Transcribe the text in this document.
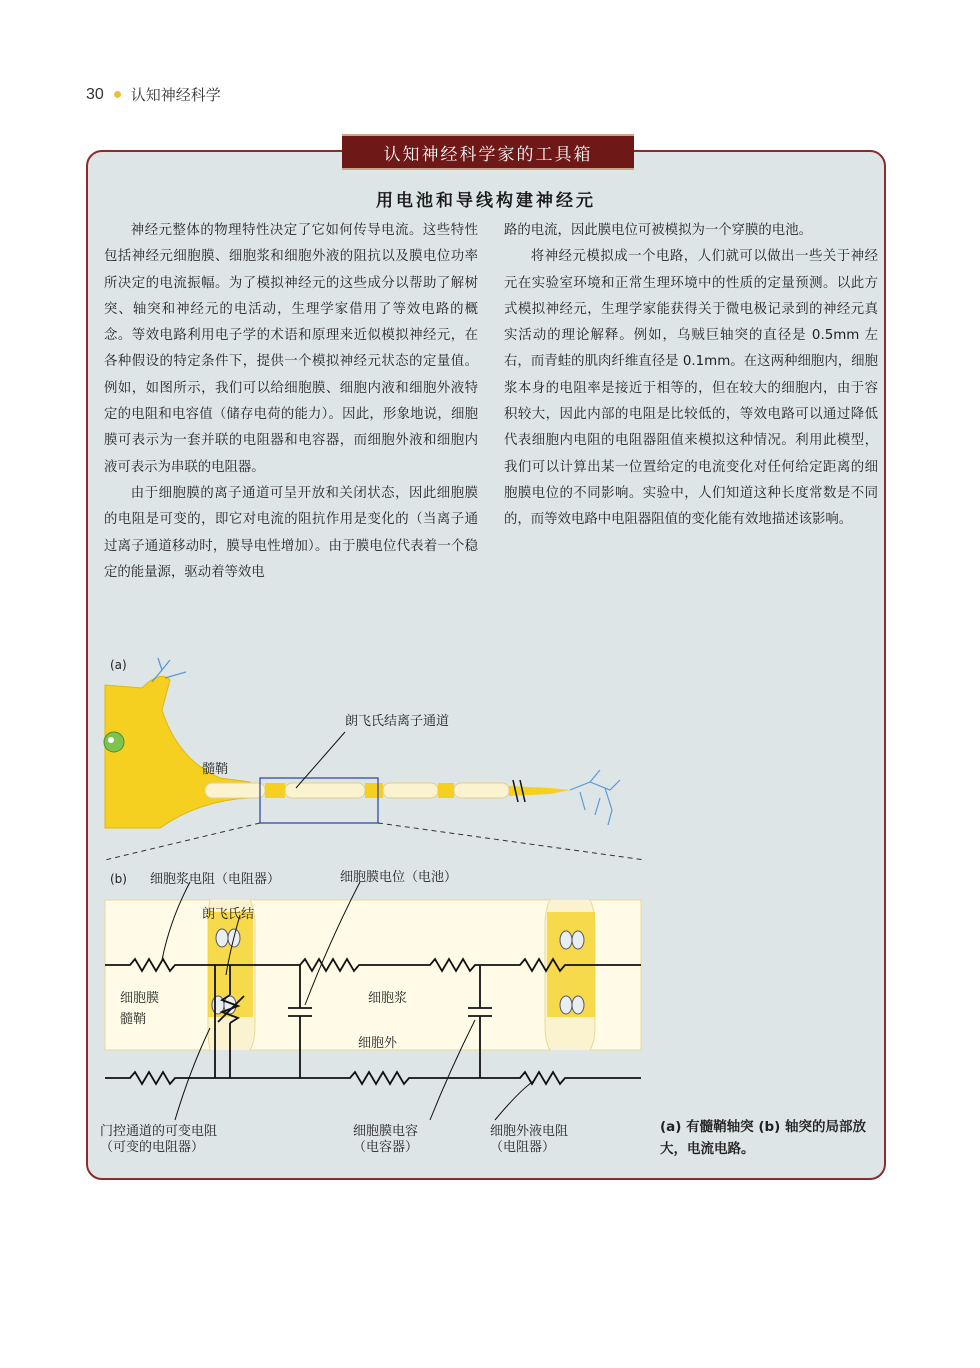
30 认知神经科学
认知神经科学家的工具箱
用电池和导线构建神经元

神经元整体的物理特性决定了它如何传导电流。这些特性包括神经元细胞膜、细胞浆和细胞外液的阻抗以及膜电位功率所决定的电流振幅。为了模拟神经元的这些成分以帮助了解树突、轴突和神经元的电活动，生理学家借用了等效电路的概念。等效电路利用电子学的术语和原理来近似模拟神经元，在各种假设的特定条件下，提供一个模拟神经元状态的定量值。例如，如图所示，我们可以给细胞膜、细胞内液和细胞外液特定的电阻和电容值（储存电荷的能力）。因此，形象地说，细胞膜可表示为一套并联的电阻器和电容器，而细胞外液和细胞内液可表示为串联的电阻器。

由于细胞膜的离子通道可呈开放和关闭状态，因此细胞膜的电阻是可变的，即它对电流的阻抗作用是变化的（当离子通过离子通道移动时，膜导电性增加）。由于膜电位代表着一个稳定的能量源，驱动着等效电

路的电流，因此膜电位可被模拟为一个穿膜的电池。

将神经元模拟成一个电路，人们就可以做出一些关于神经元在实验室环境和正常生理环境中的性质的定量预测。以此方式模拟神经元，生理学家能获得关于微电极记录到的神经元真实活动的理论解释。例如，乌贼巨轴突的直径是 0.5mm 左右，而青蛙的肌肉纤维直径是 0.1mm。在这两种细胞内，细胞浆本身的电阻率是接近于相等的，但在较大的细胞内，由于容积较大，因此内部的电阻是比较低的，等效电路可以通过降低代表细胞内电阻的电阻器阻值来模拟这种情况。利用此模型，我们可以计算出某一位置给定的电流变化对任何给定距离的细胞膜电位的不同影响。实验中，人们知道这种长度常数是不同的，而等效电路中电阻器阻值的变化能有效地描述该影响。

(a)
朗飞氏结离子通道
髓鞘
(b) 细胞浆电阻（电阻器）	细胞膜电位（电池）
朗飞氏结
细胞膜
髓鞘
细胞浆
细胞外
门控通道的可变电阻
（可变的电阻器）
细胞膜电容
（电容器）
细胞外液电阻
（电阻器）
(a) 有髓鞘轴突 (b) 轴突的局部放大，电流电路。
